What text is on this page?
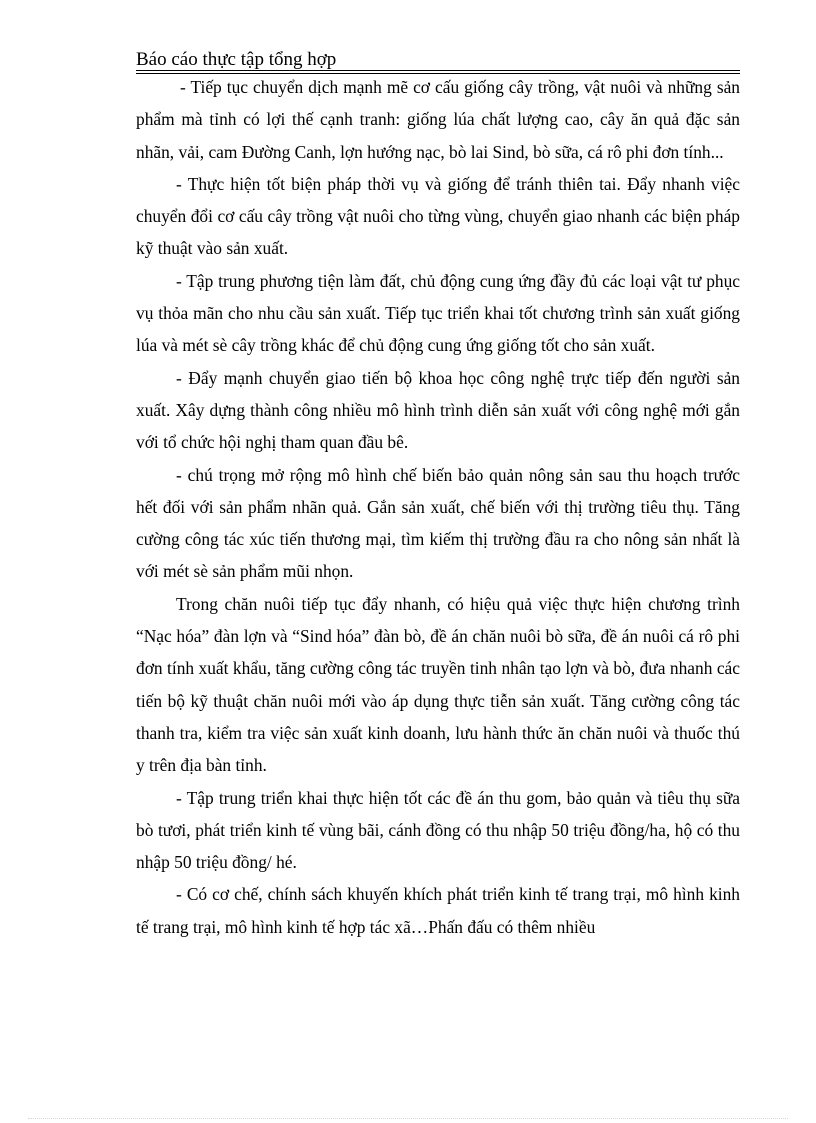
Báo cáo thực tập tổng hợp

- Tiếp tục chuyển dịch mạnh mẽ cơ cấu giống cây trồng, vật nuôi và những sản phẩm mà tỉnh có lợi thế cạnh tranh: giống lúa chất lượng cao, cây ăn quả đặc sản nhãn, vải, cam Đường Canh, lợn hướng nạc, bò lai Sind, bò sữa, cá rô phi đơn tính...

- Thực hiện tốt biện pháp thời vụ và giống để tránh thiên tai. Đẩy nhanh việc chuyển đổi cơ cấu cây trồng vật nuôi cho từng vùng, chuyển giao nhanh các biện pháp kỹ thuật vào sản xuất.

- Tập trung phương tiện làm đất, chủ động cung ứng đầy đủ các loại vật tư phục vụ thỏa mãn cho nhu cầu sản xuất. Tiếp tục triển khai tốt chương trình sản xuất giống lúa và mét sè cây trồng khác để chủ động cung ứng giống tốt cho sản xuất.

- Đẩy mạnh chuyển giao tiến bộ khoa học công nghệ trực tiếp đến người sản xuất. Xây dựng thành công nhiều mô hình trình diễn sản xuất với công nghệ mới gắn với tổ chức hội nghị tham quan đầu bê.

- chú trọng mở rộng mô hình chế biến bảo quản nông sản sau thu hoạch trước hết đối với sản phẩm nhãn quả. Gắn sản xuất, chế biến với thị trường tiêu thụ. Tăng cường công tác xúc tiến thương mại, tìm kiếm thị trường đầu ra cho nông sản nhất là với mét sè sản phẩm mũi nhọn.

Trong chăn nuôi tiếp tục đẩy nhanh, có hiệu quả việc thực hiện chương trình “Nạc hóa” đàn lợn và “Sind hóa” đàn bò, đề án chăn nuôi bò sữa, đề án nuôi cá rô phi đơn tính xuất khẩu, tăng cường công tác truyền tinh nhân tạo lợn và bò, đưa nhanh các tiến bộ kỹ thuật chăn nuôi mới vào áp dụng thực tiễn sản xuất. Tăng cường công tác thanh tra, kiểm tra việc sản xuất kinh doanh, lưu hành thức ăn chăn nuôi và thuốc thú y trên địa bàn tỉnh.

- Tập trung triển khai thực hiện tốt các đề án thu gom, bảo quản và tiêu thụ sữa bò tươi, phát triển kinh tế vùng bãi, cánh đồng có thu nhập 50 triệu đồng/ha, hộ có thu nhập 50 triệu đồng/ hé.

- Có cơ chế, chính sách khuyến khích phát triển kinh tế trang trại, mô hình kinh tế trang trại, mô hình kinh tế hợp tác xã…Phấn đấu có thêm nhiều
